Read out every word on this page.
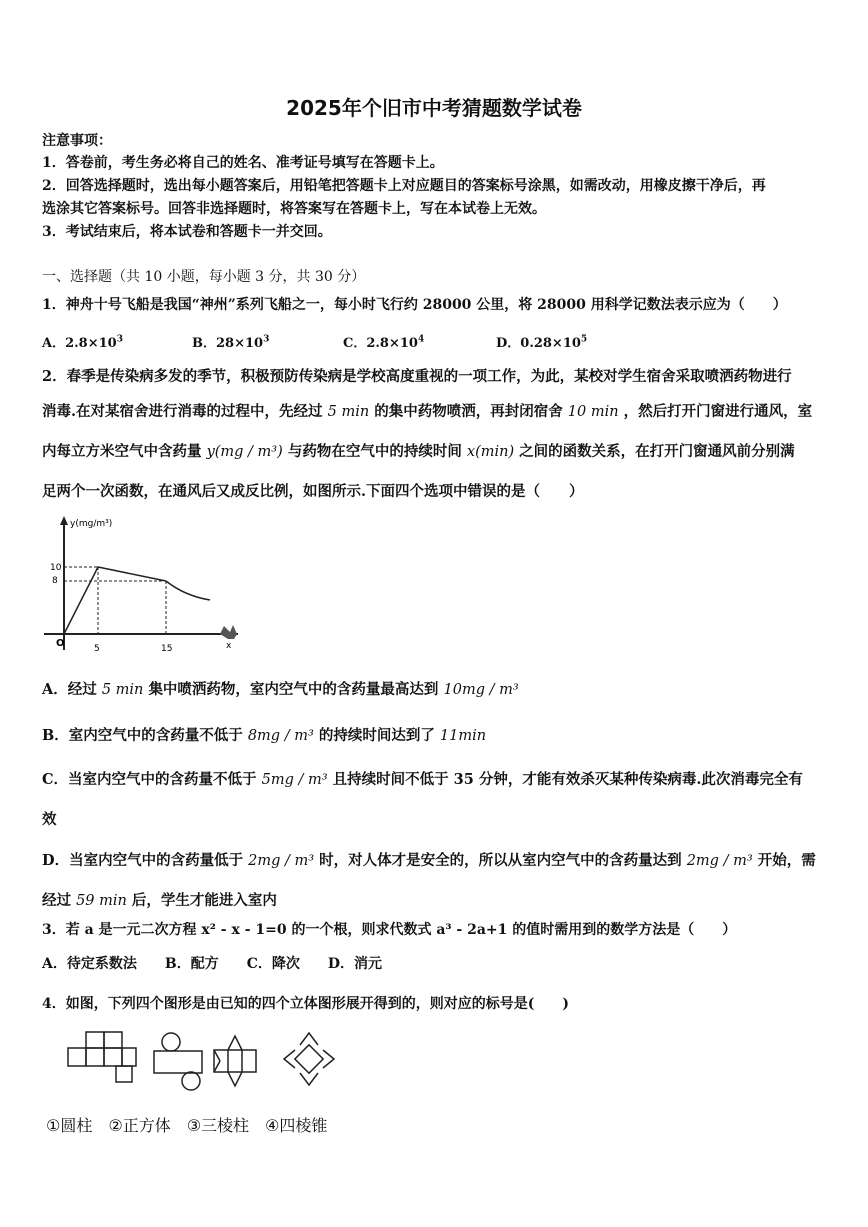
2025年个旧市中考猜题数学试卷
注意事项：
1．答卷前，考生务必将自己的姓名、准考证号填写在答题卡上。
2．回答选择题时，选出每小题答案后，用铅笔把答题卡上对应题目的答案标号涂黑，如需改动，用橡皮擦干净后，再
选涂其它答案标号。回答非选择题时，将答案写在答题卡上，写在本试卷上无效。
3．考试结束后，将本试卷和答题卡一并交回。
一、选择题（共 10 小题，每小题 3 分，共 30 分）
1．神舟十号飞船是我国“神州”系列飞船之一，每小时飞行约 28000 公里，将 28000 用科学记数法表示应为（　　）
A．$2.8\times 10^3$	B．$28\times 10^3$	C．$2.8\times 10^4$	D．$0.28\times 10^5$
2．春季是传染病多发的季节，积极预防传染病是学校高度重视的一项工作，为此，某校对学生宿舍采取喷洒药物进行
消毒.在对某宿舍进行消毒的过程中，先经过 5 min 的集中药物喷洒，再封闭宿舍 10 min ，然后打开门窗进行通风，室
内每立方米空气中含药量 y(mg / m³) 与药物在空气中的持续时间 x(min) 之间的函数关系，在打开门窗通风前分别满
足两个一次函数，在通风后又成反比例，如图所示.下面四个选项中错误的是（　　）
y(mg/m³)
10
8
5	15
O	x
A．经过 5 min 集中喷洒药物，室内空气中的含药量最高达到 10mg / m³
B．室内空气中的含药量不低于 8mg / m³ 的持续时间达到了 11min
C．当室内空气中的含药量不低于 5mg / m³ 且持续时间不低于 35 分钟，才能有效杀灭某种传染病毒.此次消毒完全有
效
D．当室内空气中的含药量低于 2mg / m³ 时，对人体才是安全的，所以从室内空气中的含药量达到 2mg / m³ 开始，需
经过 59 min 后，学生才能进入室内
3．若 a 是一元二次方程 x² - x - 1=0 的一个根，则求代数式 a³ - 2a+1 的值时需用到的数学方法是（　　）
A．待定系数法　　B．配方　　C．降次　　D．消元
4．如图，下列四个图形是由已知的四个立体图形展开得到的，则对应的标号是(　　)
①圆柱　②正方体　③三棱柱　④四棱锥
